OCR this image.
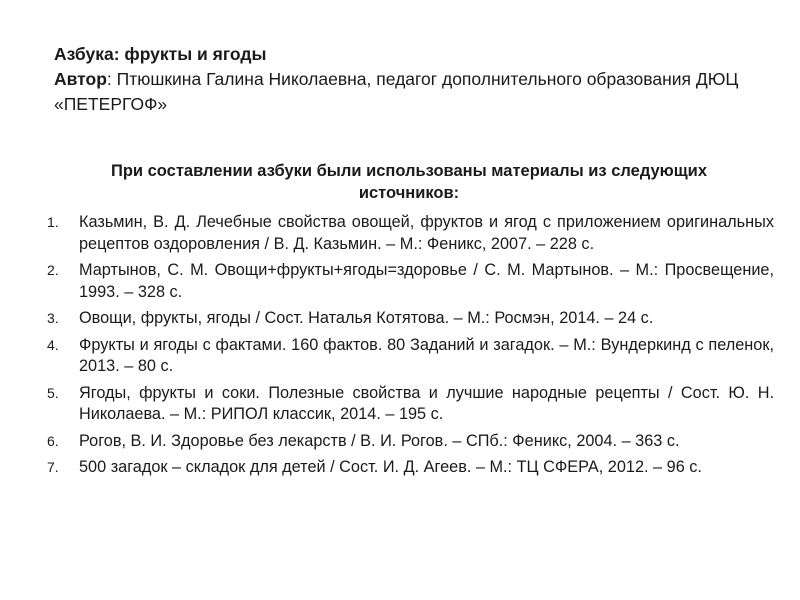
Азбука: фрукты и ягоды
Автор: Птюшкина Галина Николаевна, педагог дополнительного образования ДЮЦ «ПЕТЕРГОФ»
При составлении азбуки были использованы материалы из следующих источников:
1. Казьмин, В. Д. Лечебные свойства овощей, фруктов и ягод с приложением оригинальных рецептов оздоровления / В. Д. Казьмин. – М.: Феникс, 2007. – 228 с.
2. Мартынов, С. М. Овощи+фрукты+ягоды=здоровье / С. М. Мартынов. – М.: Просвещение, 1993. – 328 с.
3. Овощи, фрукты, ягоды / Сост. Наталья Котятова. – М.: Росмэн, 2014. – 24 с.
4. Фрукты и ягоды с фактами. 160 фактов. 80 Заданий и загадок. – М.: Вундеркинд с пеленок, 2013. – 80 с.
5. Ягоды, фрукты и соки. Полезные свойства и лучшие народные рецепты / Сост. Ю. Н. Николаева. – М.: РИПОЛ классик, 2014. – 195 с.
6. Рогов, В. И. Здоровье без лекарств / В. И. Рогов. – СПб.: Феникс, 2004. – 363 с.
7. 500 загадок – складок для детей / Сост. И. Д. Агеев. – М.: ТЦ СФЕРА, 2012. – 96 с.
